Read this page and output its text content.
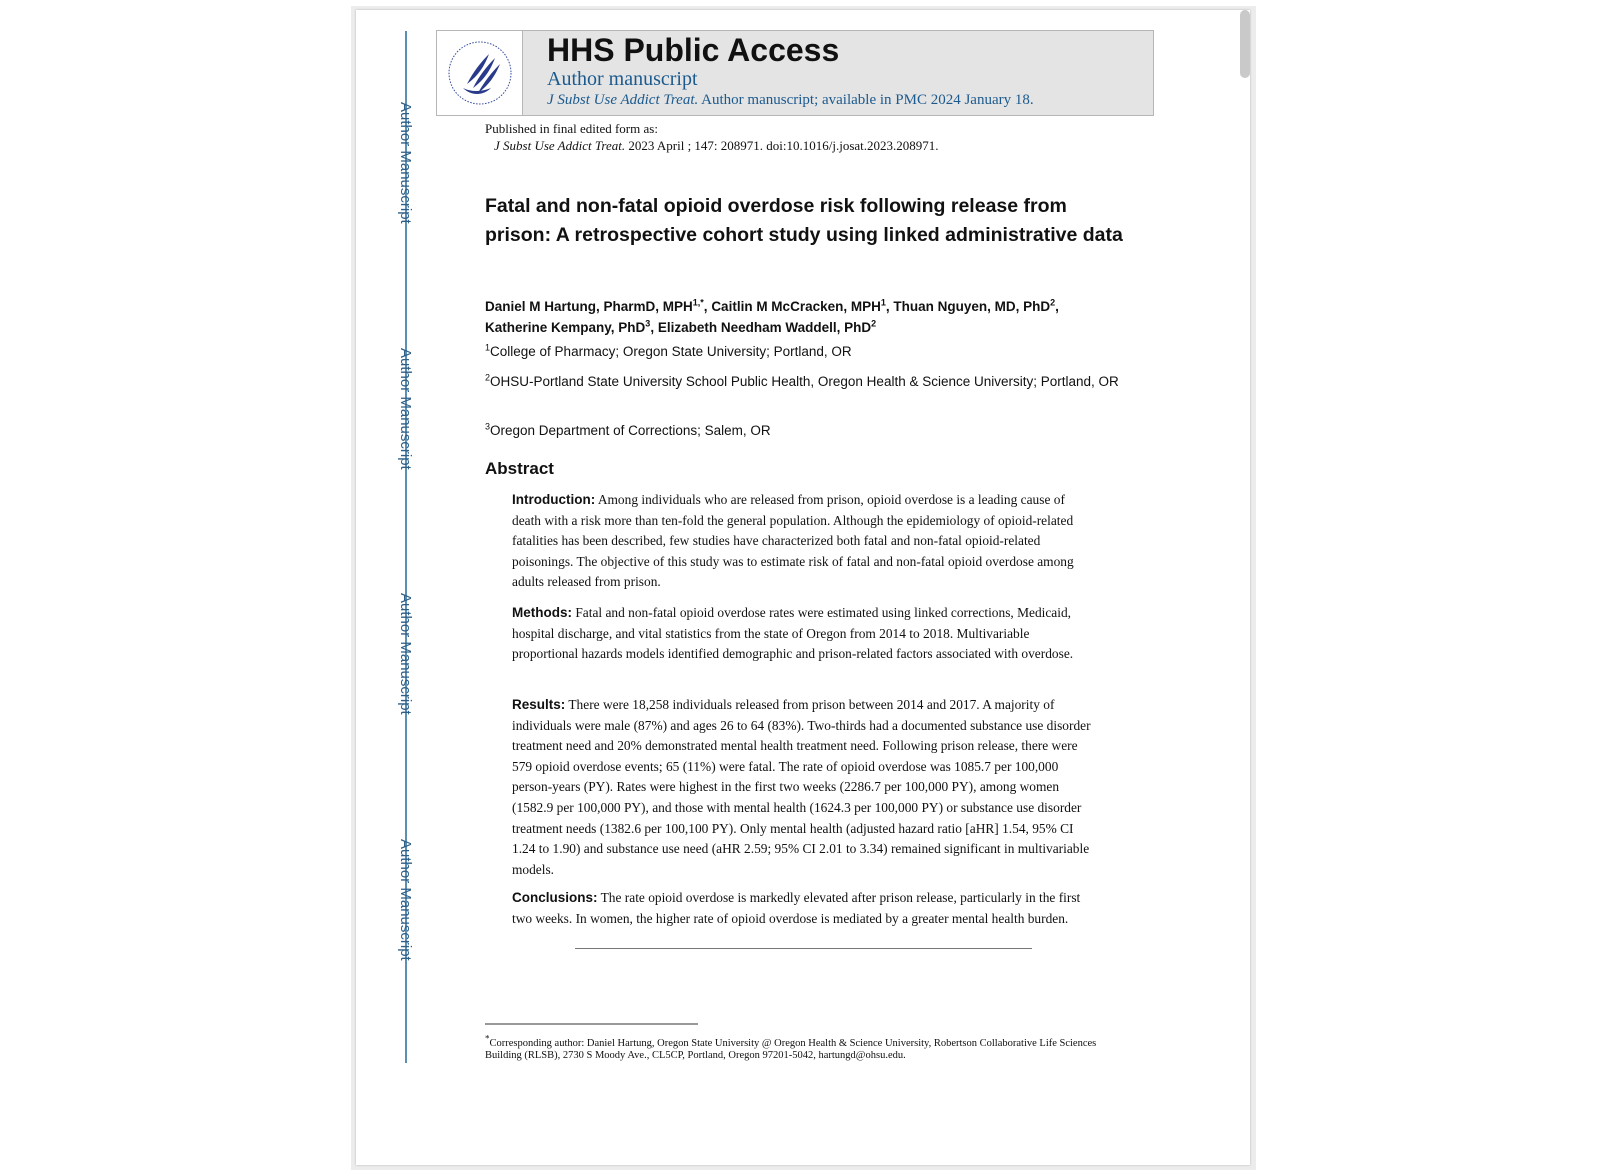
Author Manuscript
Author Manuscript
Author Manuscript
Author Manuscript
HHS Public Access
Author manuscript
J Subst Use Addict Treat. Author manuscript; available in PMC 2024 January 18.
Published in final edited form as:
J Subst Use Addict Treat. 2023 April ; 147: 208971. doi:10.1016/j.josat.2023.208971.
Fatal and non-fatal opioid overdose risk following release from prison: A retrospective cohort study using linked administrative data
Daniel M Hartung, PharmD, $MPH^{1,*}$, Caitlin M McCracken, MPH$^1$, Thuan Nguyen, MD, PhD$^2$,
Katherine Kempany, PhD$^3$, Elizabeth Needham Waddell, PhD$^2$
$^1$College of Pharmacy; Oregon State University; Portland, OR
$^2$OHSU-Portland State University School Public Health, Oregon Health & Science University; Portland, OR
$^3$Oregon Department of Corrections; Salem, OR
Abstract
Introduction: Among individuals who are released from prison, opioid overdose is a leading cause of death with a risk more than ten-fold the general population. Although the epidemiology of opioid-related fatalities has been described, few studies have characterized both fatal and non-fatal opioid-related poisonings. The objective of this study was to estimate risk of fatal and non-fatal opioid overdose among adults released from prison.
Methods: Fatal and non-fatal opioid overdose rates were estimated using linked corrections, Medicaid, hospital discharge, and vital statistics from the state of Oregon from 2014 to 2018. Multivariable proportional hazards models identified demographic and prison-related factors associated with overdose.
Results: There were 18,258 individuals released from prison between 2014 and 2017. A majority of individuals were male (87%) and ages 26 to 64 (83%). Two-thirds had a documented substance use disorder treatment need and 20% demonstrated mental health treatment need. Following prison release, there were 579 opioid overdose events; 65 (11%) were fatal. The rate of opioid overdose was 1085.7 per 100,000 person-years (PY). Rates were highest in the first two weeks (2286.7 per 100,000 PY), among women (1582.9 per 100,000 PY), and those with mental health (1624.3 per 100,000 PY) or substance use disorder treatment needs (1382.6 per 100,100 PY). Only mental health (adjusted hazard ratio [aHR] 1.54, 95% CI 1.24 to 1.90) and substance use need (aHR 2.59; 95% CI 2.01 to 3.34) remained significant in multivariable models.
Conclusions: The rate opioid overdose is markedly elevated after prison release, particularly in the first two weeks. In women, the higher rate of opioid overdose is mediated by a greater mental health burden.
*Corresponding author: Daniel Hartung, Oregon State University @ Oregon Health & Science University, Robertson Collaborative Life Sciences Building (RLSB), 2730 S Moody Ave., CL5CP, Portland, Oregon 97201-5042, hartungd@ohsu.edu.
